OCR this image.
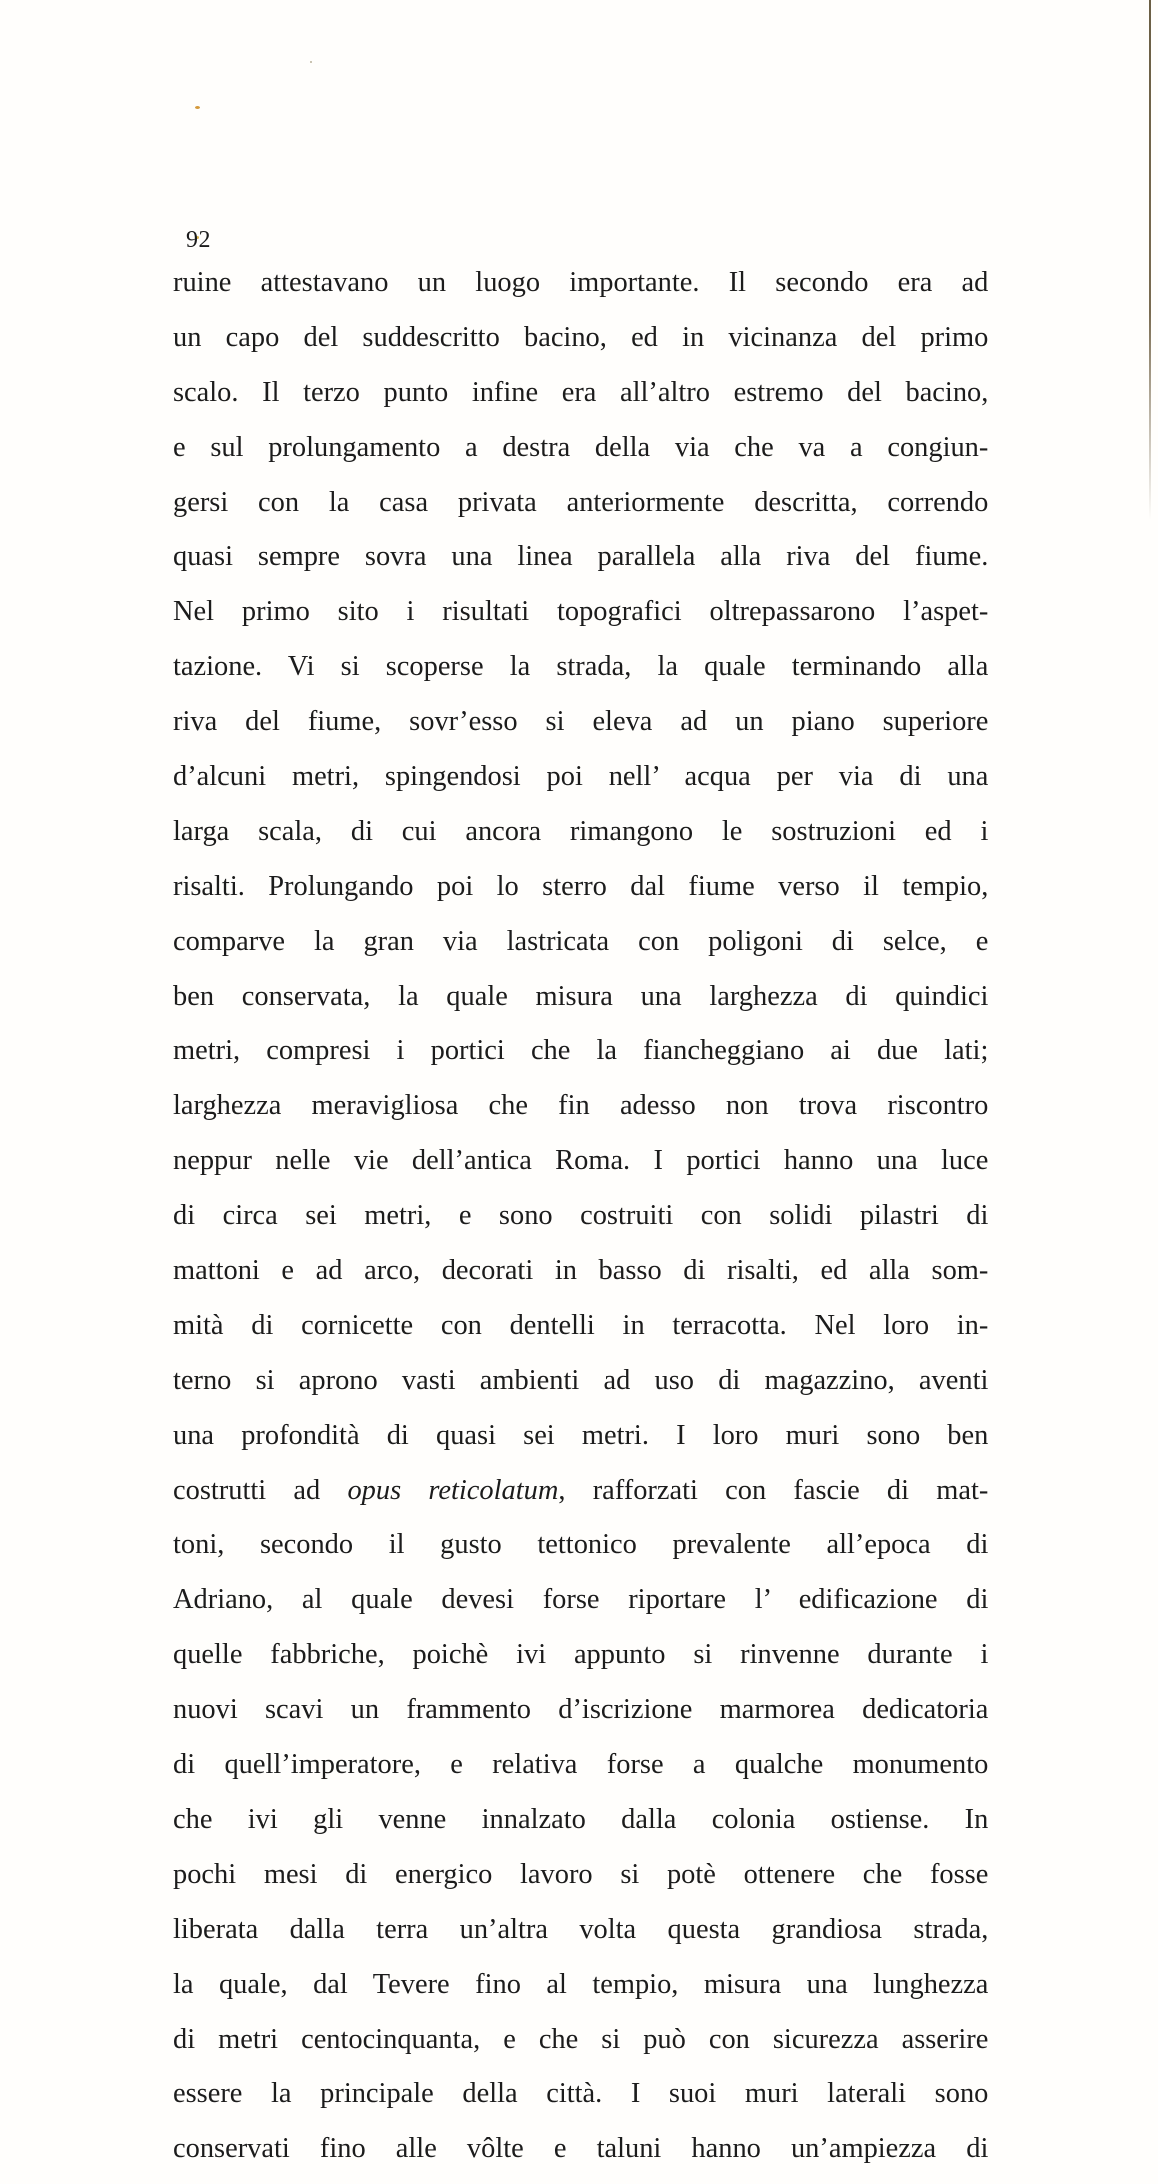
92
ruine attestavano un luogo importante. Il secondo era ad
un capo del suddescritto bacino, ed in vicinanza del primo
scalo. Il terzo punto infine era all’altro estremo del bacino,
e sul prolungamento a destra della via che va a congiun-
gersi con la casa privata anteriormente descritta, correndo
quasi sempre sovra una linea parallela alla riva del fiume.
Nel primo sito i risultati topografici oltrepassarono l’aspet-
tazione. Vi si scoperse la strada, la quale terminando alla
riva del fiume, sovr’esso si eleva ad un piano superiore
d’alcuni metri, spingendosi poi nell’ acqua per via di una
larga scala, di cui ancora rimangono le sostruzioni ed i
risalti. Prolungando poi lo sterro dal fiume verso il tempio,
comparve la gran via lastricata con poligoni di selce, e
ben conservata, la quale misura una larghezza di quindici
metri, compresi i portici che la fiancheggiano ai due lati;
larghezza meravigliosa che fin adesso non trova riscontro
neppur nelle vie dell’antica Roma. I portici hanno una luce
di circa sei metri, e sono costruiti con solidi pilastri di
mattoni e ad arco, decorati in basso di risalti, ed alla som-
mità di cornicette con dentelli in terracotta. Nel loro in-
terno si aprono vasti ambienti ad uso di magazzino, aventi
una profondità di quasi sei metri. I loro muri sono ben
costrutti ad opus reticolatum, rafforzati con fascie di mat-
toni, secondo il gusto tettonico prevalente all’epoca di
Adriano, al quale devesi forse riportare l’ edificazione di
quelle fabbriche, poichè ivi appunto si rinvenne durante i
nuovi scavi un frammento d’iscrizione marmorea dedicatoria
di quell’imperatore, e relativa forse a qualche monumento
che ivi gli venne innalzato dalla colonia ostiense. In
pochi mesi di energico lavoro si potè ottenere che fosse
liberata dalla terra un’altra volta questa grandiosa strada,
la quale, dal Tevere fino al tempio, misura una lunghezza
di metri centocinquanta, e che si può con sicurezza asserire
essere la principale della città. I suoi muri laterali sono
conservati fino alle vôlte e taluni hanno un’ampiezza di
